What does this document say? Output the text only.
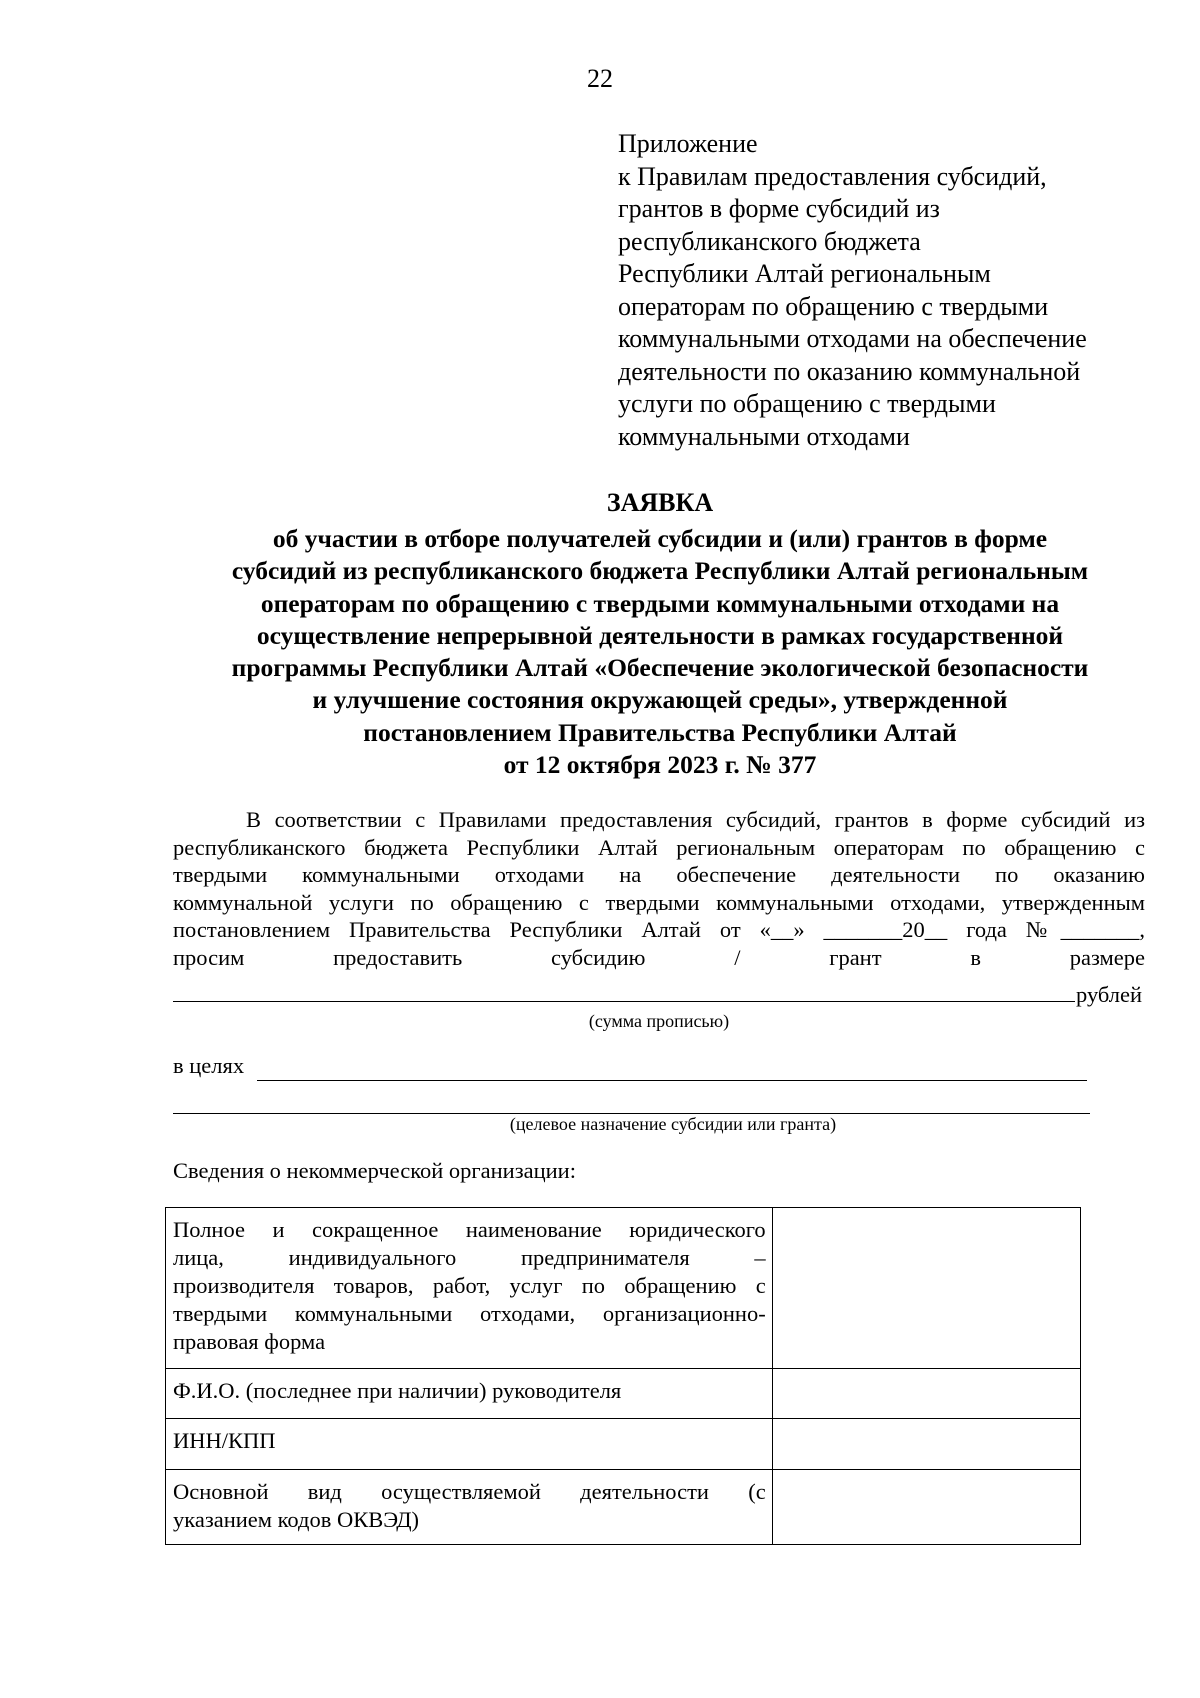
22
Приложение
к Правилам предоставления субсидий,
грантов в форме субсидий из
республиканского бюджета
Республики Алтай региональным
операторам по обращению с твердыми
коммунальными отходами на обеспечение
деятельности по оказанию коммунальной
услуги по обращению с твердыми
коммунальными отходами
ЗАЯВКА
об участии в отборе получателей субсидии и (или) грантов в форме
субсидий из республиканского бюджета Республики Алтай региональным
операторам по обращению с твердыми коммунальными отходами на
осуществление непрерывной деятельности в рамках государственной
программы Республики Алтай «Обеспечение экологической безопасности
и улучшение состояния окружающей среды», утвержденной
постановлением Правительства Республики Алтай
от 12 октября 2023 г. № 377
В соответствии с Правилами предоставления субсидий, грантов в форме субсидий из
республиканского бюджета Республики Алтай региональным операторам по обращению с
твердыми коммунальными отходами на обеспечение деятельности по оказанию
коммунальной услуги по обращению с твердыми коммунальными отходами, утвержденным
постановлением Правительства Республики Алтай от «__» _______20__ года №_______,
просим предоставить субсидию / грант в размере
рублей
(сумма прописью)
в целях
(целевое назначение субсидии или гранта)
Сведения о некоммерческой организации:
Полное и сокращенное наименование юридического
лица, индивидуального предпринимателя –
производителя товаров, работ, услуг по обращению с
твердыми коммунальными отходами, организационно-
правовая форма	

Ф.И.О. (последнее при наличии) руководителя	

ИНН/КПП	

Основной вид осуществляемой деятельности (с
указанием кодов ОКВЭД)	
